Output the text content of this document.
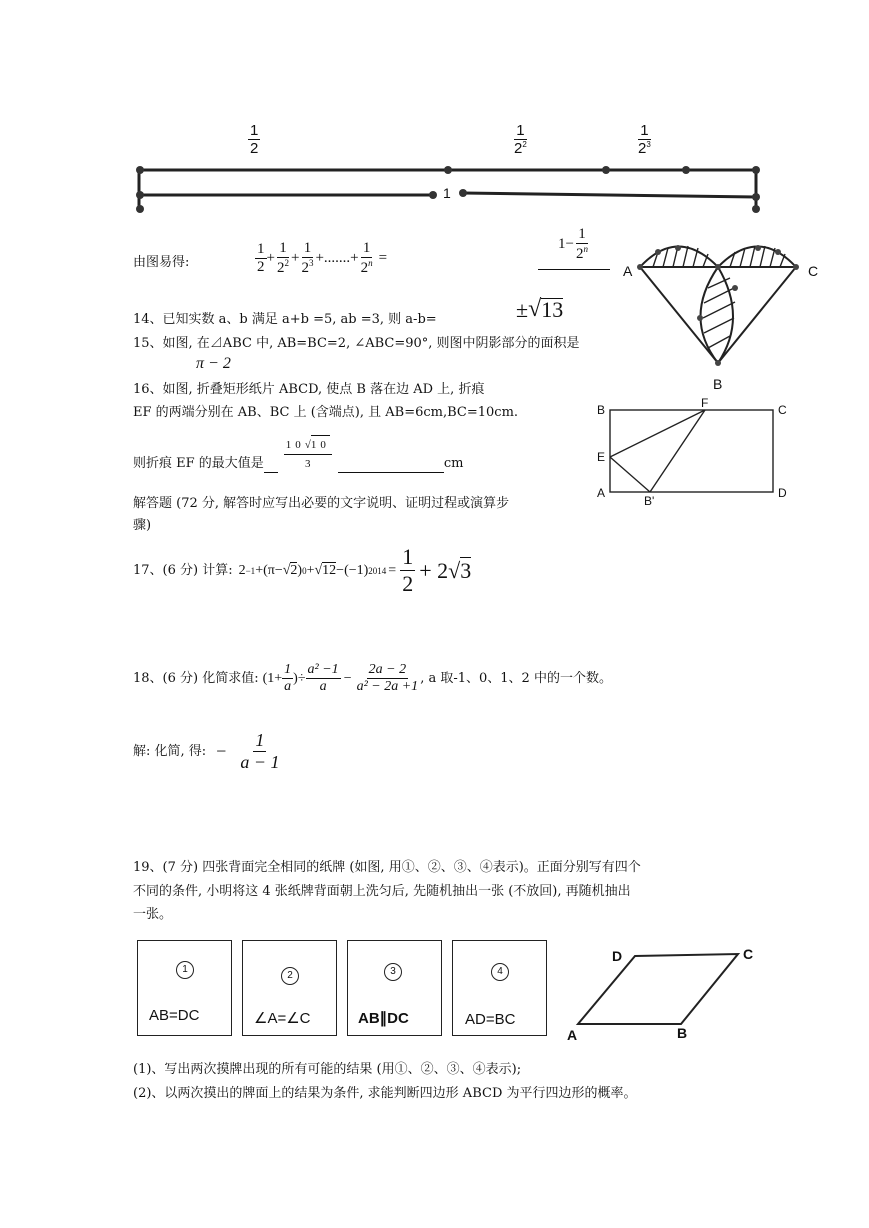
$\frac{1}{2}$	$\frac{1}{2^2}$	$\frac{1}{2^3}$
1
由图易得:	$\frac{1}{2} + \frac{1}{2^2} + \frac{1}{2^3}$ +.......+ $\frac{1}{2^n}$ =
$1 - \frac{1}{2^n}$
A	C
B
14、已知实数 a、b 满足 a+b =5, ab =3, 则 a-b=	± √ 13
15、如图, 在⊿ABC 中, AB=BC=2, ∠ABC=90°, 则图中阴影部分的面积是
π − 2
16、如图, 折叠矩形纸片 ABCD, 使点 B 落在边 AD 上, 折痕
EF 的两端分别在 AB、BC 上 (含端点), 且 AB=6cm,BC=10cm.
则折痕 EF 的最大值是 $\frac{10 √ 10}{3}$	cm
B	F	C
E
A
B'
D
解答题 (72 分, 解答时应写出必要的文字说明、证明过程或演算步
骤)
17、(6 分) 计算: 2 −1 +(π− √ 2 ) 0 + √ 12 −(−1) $2014 = \frac{1}{2} + 2$ √ 3
18、(6 分) 化简求值: ($1+ \frac{1}{a}$ )÷ $\frac{\text{a² −1}}{a} - \frac{2a - 2}{\text{a² − 2a +1}}$ , a 取-1、0、1、2 中的一个数。
解: 化简, 得: − $\frac{1}{a - 1}$
19、(7 分) 四张背面完全相同的纸牌 (如图, 用①、②、③、④表示)。正面分别写有四个
不同的条件, 小明将这 4 张纸牌背面朝上洗匀后, 先随机抽出一张 (不放回), 再随机抽出
一张。
1
AB=DC
2
∠A=∠C
3
AB∥DC
4
AD=BC
D	C
A	B
(1)、写出两次摸牌出现的所有可能的结果 (用①、②、③、④表示);
(2)、以两次摸出的牌面上的结果为条件, 求能判断四边形 ABCD 为平行四边形的概率。
